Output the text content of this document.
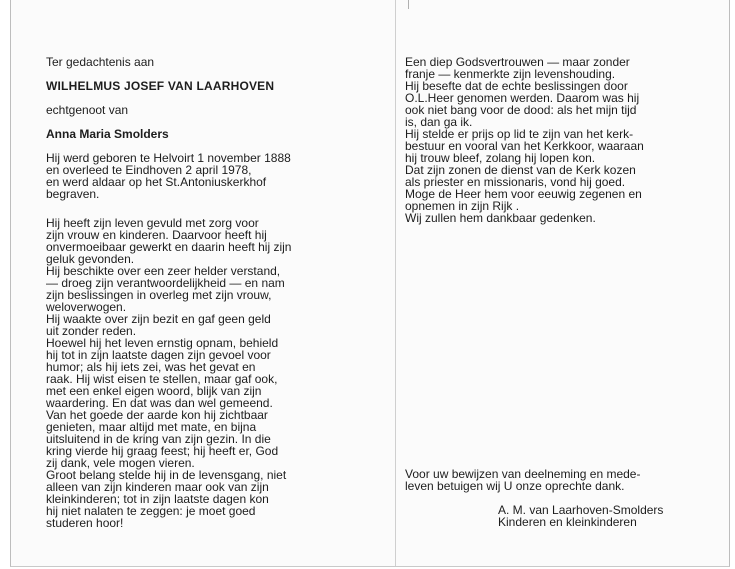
Ter gedachtenis aan
WILHELMUS JOSEF VAN LAARHOVEN
echtgenoot van
Anna Maria Smolders
Hij werd geboren te Helvoirt 1 november 1888
en overleed te Eindhoven 2 april 1978,
en werd aldaar op het St.Antoniuskerkhof
begraven.
Hij heeft zijn leven gevuld met zorg voor
zijn vrouw en kinderen. Daarvoor heeft hij
onvermoeibaar gewerkt en daarin heeft hij zijn
geluk gevonden.
Hij beschikte over een zeer helder verstand,
— droeg zijn verantwoordelijkheid — en nam
zijn beslissingen in overleg met zijn vrouw,
weloverwogen.
Hij waakte over zijn bezit en gaf geen geld
uit zonder reden.
Hoewel hij het leven ernstig opnam, behield
hij tot in zijn laatste dagen zijn gevoel voor
humor; als hij iets zei, was het gevat en
raak. Hij wist eisen te stellen, maar gaf ook,
met een enkel eigen woord, blijk van zijn
waardering. En dat was dan wel gemeend.
Van het goede der aarde kon hij zichtbaar
genieten, maar altijd met mate, en bijna
uitsluitend in de kring van zijn gezin. In die
kring vierde hij graag feest; hij heeft er, God
zij dank, vele mogen vieren.
Groot belang stelde hij in de levensgang, niet
alleen van zijn kinderen maar ook van zijn
kleinkinderen; tot in zijn laatste dagen kon
hij niet nalaten te zeggen: je moet goed
studeren hoor!
Een diep Godsvertrouwen — maar zonder
franje — kenmerkte zijn levenshouding.
Hij besefte dat de echte beslissingen door
O.L.Heer genomen werden. Daarom was hij
ook niet bang voor de dood: als het mijn tijd
is, dan ga ik.
Hij stelde er prijs op lid te zijn van het kerk-
bestuur en vooral van het Kerkkoor, waaraan
hij trouw bleef, zolang hij lopen kon.
Dat zijn zonen de dienst van de Kerk kozen
als priester en missionaris, vond hij goed.
Moge de Heer hem voor eeuwig zegenen en
opnemen in zijn Rijk .
Wij zullen hem dankbaar gedenken.
Voor uw bewijzen van deelneming en mede-
leven betuigen wij U onze oprechte dank.
A. M. van Laarhoven-Smolders
Kinderen en kleinkinderen
